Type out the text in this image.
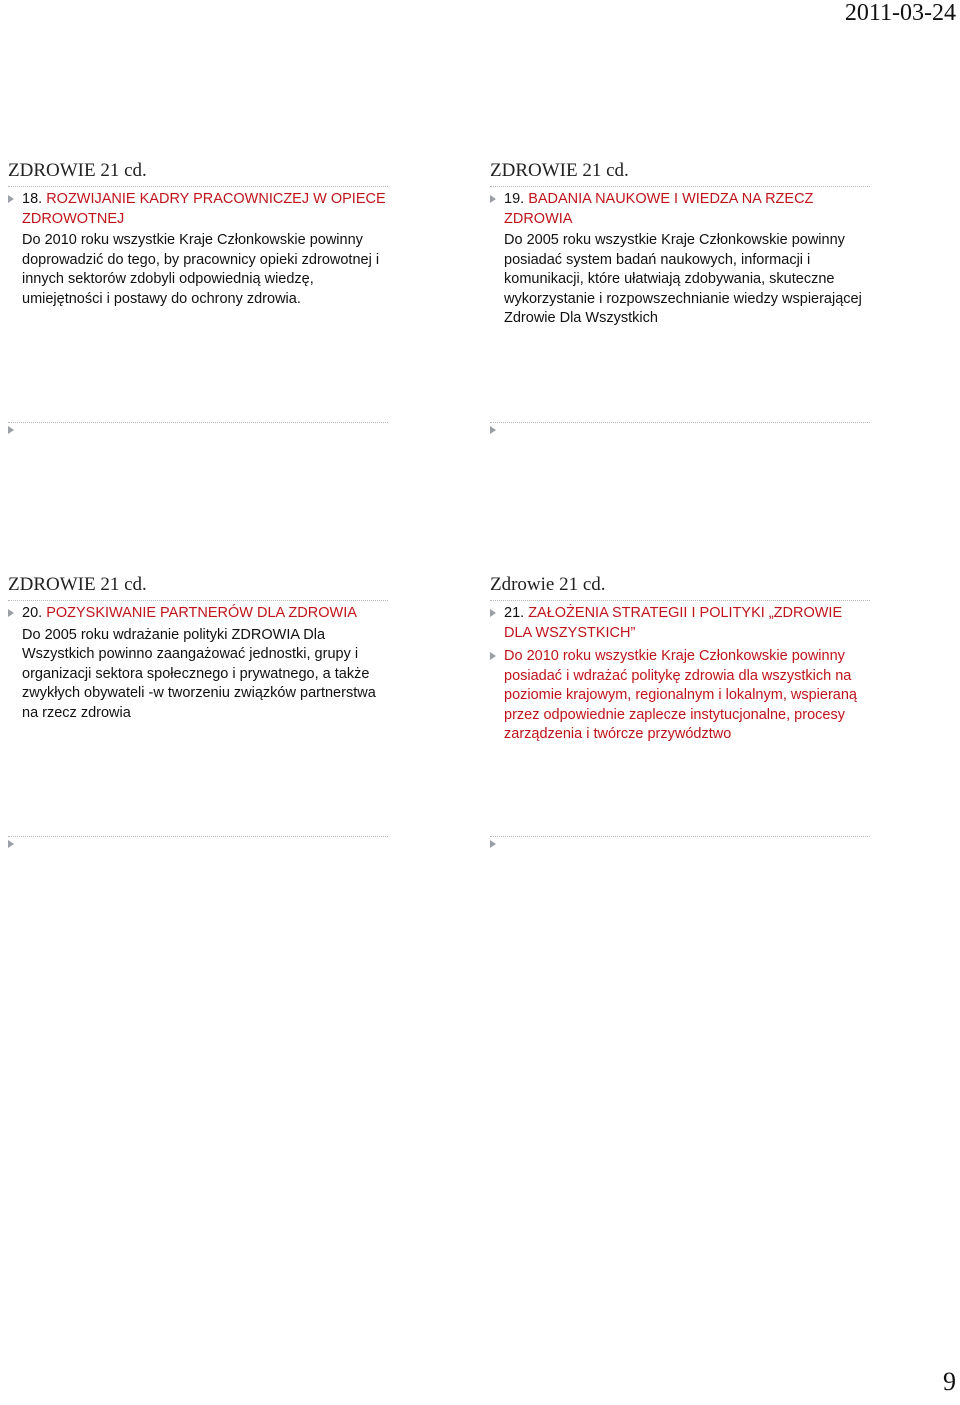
2011-03-24
ZDROWIE 21 cd.
18. ROZWIJANIE KADRY PRACOWNICZEJ W OPIECE ZDROWOTNEJ
Do 2010 roku wszystkie Kraje Członkowskie powinny doprowadzić do tego, by pracownicy opieki zdrowotnej i innych sektorów zdobyli odpowiednią wiedzę, umiejętności i postawy do ochrony zdrowia.
ZDROWIE 21 cd.
19. BADANIA NAUKOWE I WIEDZA NA RZECZ ZDROWIA
Do 2005 roku wszystkie Kraje Członkowskie powinny posiadać system badań naukowych, informacji i komunikacji, które ułatwiają zdobywania, skuteczne wykorzystanie i rozpowszechnianie wiedzy wspierającej Zdrowie Dla Wszystkich
ZDROWIE 21 cd.
20. POZYSKIWANIE PARTNERÓW DLA ZDROWIA
Do 2005 roku wdrażanie polityki ZDROWIA Dla Wszystkich powinno zaangażować jednostki, grupy i organizacji sektora społecznego i prywatnego, a także zwykłych obywateli -w tworzeniu związków partnerstwa na rzecz zdrowia
Zdrowie 21 cd.
21. ZAŁOŻENIA STRATEGII I POLITYKI „ZDROWIE DLA WSZYSTKICH”
Do 2010 roku wszystkie Kraje Członkowskie powinny posiadać i wdrażać politykę zdrowia dla wszystkich na poziomie krajowym, regionalnym i lokalnym, wspieraną przez odpowiednie zaplecze instytucjonalne, procesy zarządzenia i twórcze przywództwo
9
